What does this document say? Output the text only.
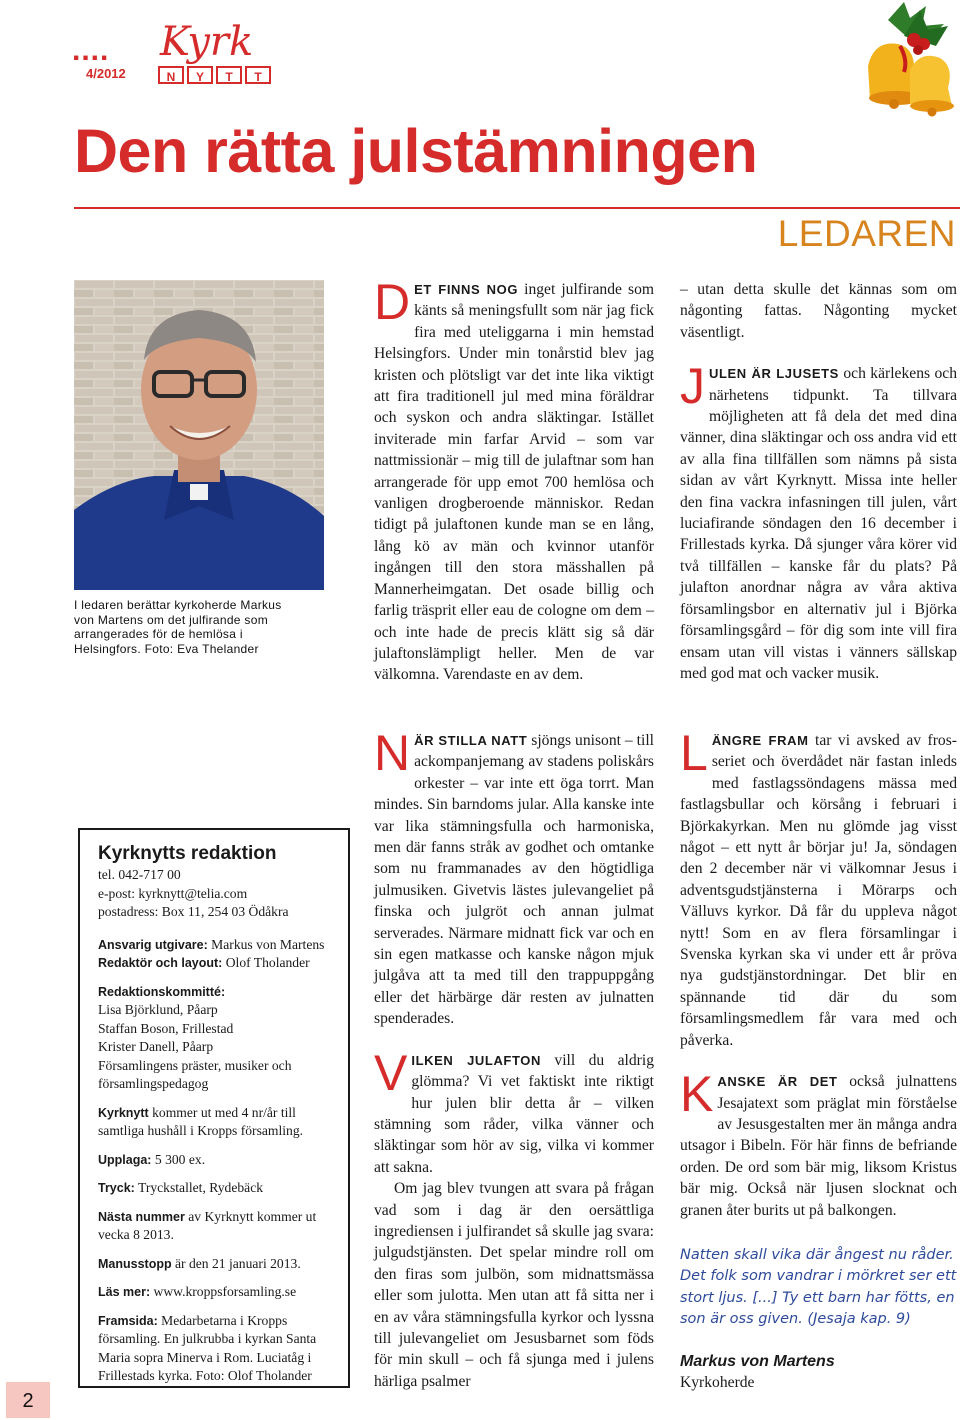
.... Kyrk
4/2012	N	Y	T	T
Den rätta julstämningen
LEDAREN
I ledaren berättar kyrkoherde Markus von Martens om det julfirande som arrangerades för de hemlösa i Helsingfors. Foto: Eva Thelander
Kyrknytts redaktion

tel. 042-717 00

e-post: kyrknytt@telia.com

postadress: Box 11, 254 03 Ödåkra

Ansvarig utgivare: Markus von Martens

Redaktör och layout: Olof Tholander

Redaktionskommitté:

Lisa Björklund, Påarp

Staffan Boson, Frillestad

Krister Danell, Påarp

Församlingens präster, musiker och församlingspedagog

Kyrknytt kommer ut med 4 nr/år till samtliga hushåll i Kropps församling.

Upplaga: 5 300 ex.

Tryck: Tryckstallet, Rydebäck

Nästa nummer av Kyrknytt kommer ut vecka 8 2013.

Manusstopp är den 21 januari 2013.

Läs mer: www.kroppsforsamling.se

Framsida: Medarbetarna i Kropps församling. En julkrubba i kyrkan Santa Maria sopra Minerva i Rom. Luciatåg i Frillestads kyrka. Foto: Olof Tholander

2

DET FINNS NOG inget julfirande som känts så meningsfullt som när jag fick fira med uteliggarna i min hemstad Helsingfors. Under min tonårstid blev jag kristen och plötsligt var det inte lika viktigt att fira traditionell jul med mina föräldrar och syskon och andra släktingar. Istället inviterade min farfar Arvid – som var nattmissionär – mig till de julaftnar som han arrangerade för upp emot 700 hemlösa och vanligen drogberoende människor. Redan tidigt på julaftonen kunde man se en lång, lång kö av män och kvinnor utanför ingången till den stora mässhallen på Mannerheimgatan. Det osade billig och farlig träsprit eller eau de cologne om dem – och inte hade de precis klätt sig så där julaftonslämpligt heller. Men de var välkomna. Varendaste en av dem.

– utan detta skulle det kännas som om någonting fattas. Någonting mycket väsentligt.

JULEN ÄR LJUSETS och kärlekens och närhetens tidpunkt. Ta tillvara möjligheten att få dela det med dina vänner, dina släktingar och oss andra vid ett av alla fina tillfällen som nämns på sista sidan av vårt Kyrknytt. Missa inte heller den fina vackra infasningen till julen, vårt luciafirande söndagen den 16 december i Frillestads kyrka. Då sjunger våra körer vid två tillfällen – kanske får du plats? På julafton anordnar några av våra aktiva församlingsbor en alternativ jul i Björka församlingsgård – för dig som inte vill fira ensam utan vill vistas i vänners sällskap med god mat och vacker musik.

NÄR STILLA NATT sjöngs unisont – till ackompanjemang av stadens poliskårs orkester – var inte ett öga torrt. Man mindes. Sin barndoms jular. Alla kanske inte var lika stämningsfulla och harmoniska, men där fanns stråk av godhet och omtanke som nu frammanades av den högtidliga julmusiken. Givetvis lästes julevangeliet på finska och julgröt och annan julmat serverades. Närmare midnatt fick var och en sin egen matkasse och kanske någon mjuk julgåva att ta med till den trappuppgång eller det härbärge där resten av julnatten spenderades.

VILKEN JULAFTON vill du aldrig glömma? Vi vet faktiskt inte riktigt hur julen blir detta år – vilken stämning som råder, vilka vänner och släktingar som hör av sig, vilka vi kommer att sakna.

Om jag blev tvungen att svara på frågan vad som i dag är den oersättliga ingrediensen i julfirandet så skulle jag svara: julgudstjänsten. Det spelar mindre roll om den firas som julbön, som midnattsmässa eller som julotta. Men utan att få sitta ner i en av våra stämningsfulla kyrkor och lyssna till julevangeliet om Jesusbarnet som föds för min skull – och få sjunga med i julens härliga psalmer

LÄNGRE FRAM tar vi avsked av fros-seriet och överdådet när fastan inleds med fastlagssöndagens mässa med fastlagsbullar och körsång i februari i Björkakyrkan. Men nu glömde jag visst något – ett nytt år börjar ju! Ja, söndagen den 2 december när vi välkomnar Jesus i adventsgudstjänsterna i Mörarps och Välluvs kyrkor. Då får du uppleva något nytt! Som en av flera församlingar i Svenska kyrkan ska vi under ett år pröva nya gudstjänstordningar. Det blir en spännande tid där du som församlingsmedlem får vara med och påverka.

KANSKE ÄR DET också julnattens Jesajatext som präglat min förståelse av Jesusgestalten mer än många andra utsagor i Bibeln. För här finns de befriande orden. De ord som bär mig, liksom Kristus bär mig. Också när ljusen slocknat och granen åter burits ut på balkongen.

Natten skall vika där ångest nu råder. Det folk som vandrar i mörkret ser ett stort ljus. [...] Ty ett barn har fötts, en son är oss given. (Jesaja kap. 9)

Markus von Martens

Kyrkoherde
